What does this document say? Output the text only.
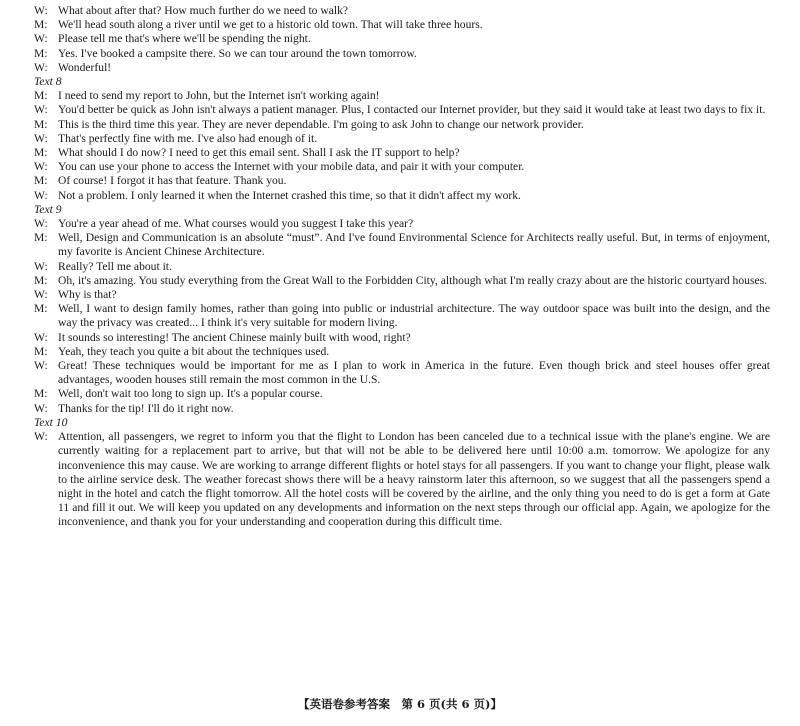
W: What about after that? How much further do we need to walk?

M: We'll head south along a river until we get to a historic old town. That will take three hours.

W: Please tell me that's where we'll be spending the night.

M: Yes. I've booked a campsite there. So we can tour around the town tomorrow.

W: Wonderful!

Text 8

M: I need to send my report to John, but the Internet isn't working again!

W: You'd better be quick as John isn't always a patient manager. Plus, I contacted our Internet provider, but they said it would take at least two days to fix it.

M: This is the third time this year. They are never dependable. I'm going to ask John to change our network provider.

W: That's perfectly fine with me. I've also had enough of it.

M: What should I do now? I need to get this email sent. Shall I ask the IT support to help?

W: You can use your phone to access the Internet with your mobile data, and pair it with your computer.

M: Of course! I forgot it has that feature. Thank you.

W: Not a problem. I only learned it when the Internet crashed this time, so that it didn't affect my work.

Text 9

W: You're a year ahead of me. What courses would you suggest I take this year?

M: Well, Design and Communication is an absolute “must”. And I've found Environmental Science for Architects really useful. But, in terms of enjoyment, my favorite is Ancient Chinese Architecture.

W: Really? Tell me about it.

M: Oh, it's amazing. You study everything from the Great Wall to the Forbidden City, although what I'm really crazy about are the historic courtyard houses.

W: Why is that?

M: Well, I want to design family homes, rather than going into public or industrial architecture. The way outdoor space was built into the design, and the way the privacy was created... I think it's very suitable for modern living.

W: It sounds so interesting! The ancient Chinese mainly built with wood, right?

M: Yeah, they teach you quite a bit about the techniques used.

W: Great! These techniques would be important for me as I plan to work in America in the future. Even though brick and steel houses offer great advantages, wooden houses still remain the most common in the U.S.

M: Well, don't wait too long to sign up. It's a popular course.

W: Thanks for the tip! I'll do it right now.

Text 10

W: Attention, all passengers, we regret to inform you that the flight to London has been canceled due to a technical issue with the plane's engine. We are currently waiting for a replacement part to arrive, but that will not be able to be delivered here until 10:00 a.m. tomorrow. We apologize for any inconvenience this may cause. We are working to arrange different flights or hotel stays for all passengers. If you want to change your flight, please walk to the airline service desk. The weather forecast shows there will be a heavy rainstorm later this afternoon, so we suggest that all the passengers spend a night in the hotel and catch the flight tomorrow. All the hotel costs will be covered by the airline, and the only thing you need to do is get a form at Gate 11 and fill it out. We will keep you updated on any developments and information on the next steps through our official app. Again, we apologize for the inconvenience, and thank you for your understanding and cooperation during this difficult time.

【英语卷参考答案　第 6 页(共 6 页)】
